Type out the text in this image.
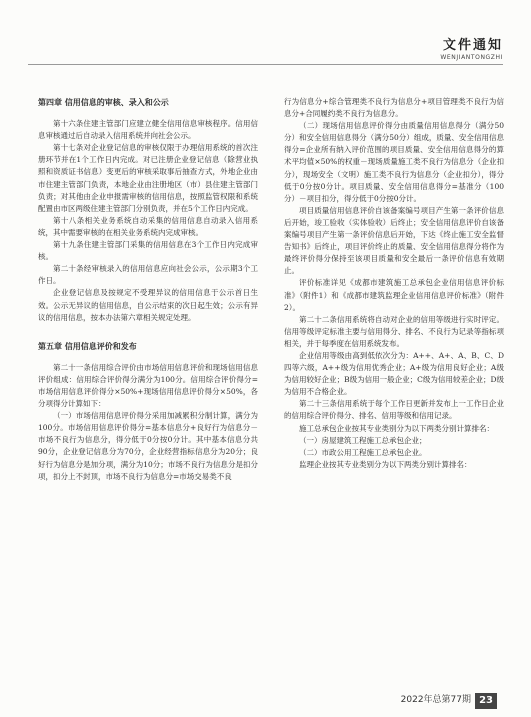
文件通知
WENJIANTONGZHI
第四章 信用信息的审核、录入和公示

第十六条住建主管部门应建立健全信用信息审核程序。信用信息审核通过后自动录入信用系统并向社会公示。

第十七条对企业登记信息的审核仅限于办理信用系统的首次注册环节并在1个工作日内完成。对已注册企业登记信息（除营业执照和资质证书信息）变更后的审核采取事后抽查方式，外地企业由市住建主管部门负责，本地企业由注册地区（市）县住建主管部门负责；对其他由企业申报需审核的信用信息，按照监管权限和系统配置由市区两级住建主管部门分别负责，并在5个工作日内完成。

第十八条相关业务系统自动采集的信用信息自动录入信用系统，其中需要审核的在相关业务系统内完成审核。

第十九条住建主管部门采集的信用信息在3个工作日内完成审核。

第二十条经审核录入的信用信息应向社会公示，公示期3个工作日。

企业登记信息及按规定不受理异议的信用信息于公示首日生效。公示无异议的信用信息，自公示结束的次日起生效；公示有异议的信用信息，按本办法第六章相关规定处理。

第五章 信用信息评价和发布

第二十一条信用综合评价由市场信用信息评价和现场信用信息评价组成：信用综合评价得分满分为100分。信用综合评价得分=市场信用信息评价得分×50%+现场信用信息评价得分×50%，各分项得分计算如下：

（一）市场信用信息评价得分采用加减累积分制计算，满分为100分。市场信用信息评价得分=基本信息分+良好行为信息分－市场不良行为信息分，得分低于0分按0分计。其中基本信息分共90分，企业登记信息分为70分，企业经营指标信息分为20分；良好行为信息分是加分项，满分为10分；市场不良行为信息分是扣分项，扣分上不封顶，市场不良行为信息分=市场交易类不良

行为信息分+综合管理类不良行为信息分+项目管理类不良行为信息分+合同履约类不良行为信息分。

（二）现场信用信息评价得分由质量信用信息得分（满分50分）和安全信用信息得分（满分50分）组成，质量、安全信用信息得分=企业所有纳入评价范围的项目质量、安全信用信息得分的算术平均值×50%的权重－现场质量施工类不良行为信息分（企业扣分），现场安全（文明）施工类不良行为信息分（企业扣分），得分低于0分按0分计。项目质量、安全信用信息得分=基准分（100分）－项目扣分，得分低于0分按0分计。

项目质量信用信息评价自该备案编号项目产生第一条评价信息后开始，竣工验收（实体验收）后终止；安全信用信息评价自该备案编号项目产生第一条评价信息后开始，下达《终止施工安全监督告知书》后终止，项目评价终止的质量、安全信用信息得分将作为最终评价得分保持至该项目质量和安全最后一条评价信息有效期止。

评价标准详见《成都市建筑施工总承包企业信用信息评价标准》（附件1）和《成都市建筑监理企业信用信息评价标准》（附件2）。

第二十二条信用系统将自动对企业的信用等级进行实时评定。信用等级评定标准主要与信用得分、排名、不良行为记录等指标项相关，并于每季度在信用系统发布。

企业信用等级由高到低依次分为：A++、A+、A、B、C、D四等六级，A++级为信用优秀企业；A+级为信用良好企业；A级为信用较好企业；B级为信用一般企业；C级为信用较差企业；D级为信用不合格企业。

第二十三条信用系统于每个工作日更新并发布上一工作日企业的信用综合评价得分、排名、信用等级和信用记录。

施工总承包企业按其专业类别分为以下两类分别计算排名：

（一）房屋建筑工程施工总承包企业；

（二）市政公用工程施工总承包企业。

监理企业按其专业类别分为以下两类分别计算排名：

2022年总第77期 23
